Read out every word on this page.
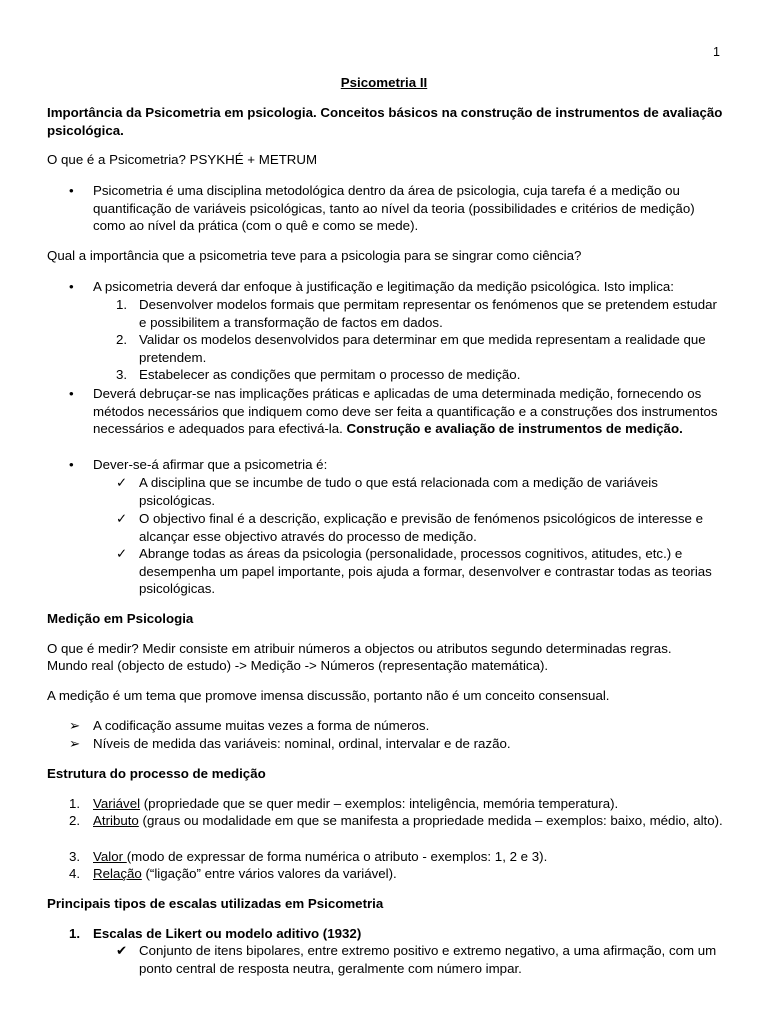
1
Psicometria II

Importância da Psicometria em psicologia. Conceitos básicos na construção de instrumentos de avaliação psicológica.

O que é a Psicometria? PSYKHÉ + METRUM

• Psicometria é uma disciplina metodológica dentro da área de psicologia, cuja tarefa é a medição ou quantificação de variáveis psicológicas, tanto ao nível da teoria (possibilidades e critérios de medição) como ao nível da prática (com o quê e como se mede).

Qual a importância que a psicometria teve para a psicologia para se singrar como ciência?

• A psicometria deverá dar enfoque à justificação e legitimação da medição psicológica. Isto implica:

1. Desenvolver modelos formais que permitam representar os fenómenos que se pretendem estudar e possibilitem a transformação de factos em dados.

2. Validar os modelos desenvolvidos para determinar em que medida representam a realidade que pretendem.

3. Estabelecer as condições que permitam o processo de medição.

• Deverá debruçar-se nas implicações práticas e aplicadas de uma determinada medição, fornecendo os métodos necessários que indiquem como deve ser feita a quantificação e a construções dos instrumentos necessários e adequados para efectivá-la. Construção e avaliação de instrumentos de medição.

• Dever-se-á afirmar que a psicometria é:

✓ A disciplina que se incumbe de tudo o que está relacionada com a medição de variáveis psicológicas.

✓ O objectivo final é a descrição, explicação e previsão de fenómenos psicológicos de interesse e alcançar esse objectivo através do processo de medição.

✓ Abrange todas as áreas da psicologia (personalidade, processos cognitivos, atitudes, etc.) e desempenha um papel importante, pois ajuda a formar, desenvolver e contrastar todas as teorias psicológicas.

Medição em Psicologia

O que é medir? Medir consiste em atribuir números a objectos ou atributos segundo determinadas regras.

Mundo real (objecto de estudo) -> Medição -> Números (representação matemática).

A medição é um tema que promove imensa discussão, portanto não é um conceito consensual.

➢ A codificação assume muitas vezes a forma de números.

➢ Níveis de medida das variáveis: nominal, ordinal, intervalar e de razão.

Estrutura do processo de medição

1. Variável (propriedade que se quer medir – exemplos: inteligência, memória temperatura).

2. Atributo (graus ou modalidade em que se manifesta a propriedade medida – exemplos: baixo, médio, alto).

3. Valor (modo de expressar de forma numérica o atributo - exemplos: 1, 2 e 3).

4. Relação (“ligação” entre vários valores da variável).

Principais tipos de escalas utilizadas em Psicometria

1. Escalas de Likert ou modelo aditivo (1932)

✔ Conjunto de itens bipolares, entre extremo positivo e extremo negativo, a uma afirmação, com um ponto central de resposta neutra, geralmente com número impar.
